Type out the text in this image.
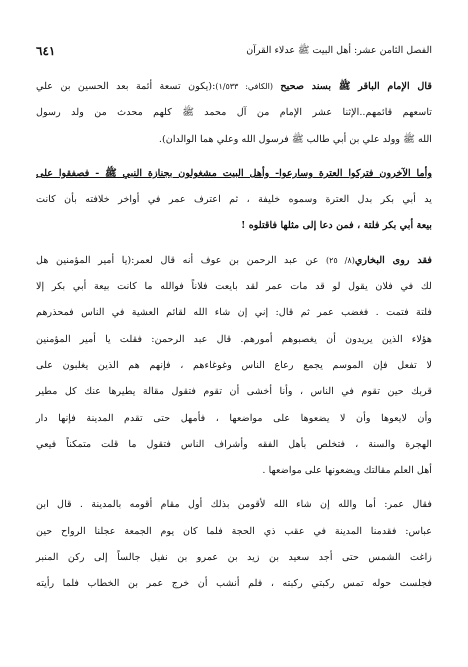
الفصل الثامن عشر: أهل البيت ﷺ عدلاء القرآن
٦٤١

قال الإمام الباقر ﷺ بسند صحيح (الكافي: ١/٥٣٣):(يكون تسعة أئمة بعد الحسين بن علي

تاسعهم قائمهم..الإثنا عشر الإمام من آل محمد ﷺ كلهم محدث من ولد رسول

الله ﷺ وولد علي بن أبي طالب ﷺ فرسول الله وعلي هما الوالدان).

وأما الآخرون فتركوا العترة وسارعوا- وأهل البيت مشغولون بجنازة النبي ﷺ - فصفقوا على

يد أبي بكر بدل العترة وسموه خليفة ، ثم اعترف عمر في أواخر خلافته بأن كانت

بيعة أبي بكر فلتة ، فمن دعا إلى مثلها فاقتلوه !

فقد روى البخاري(٨/ ٢٥) عن عبد الرحمن بن عوف أنه قال لعمر:(يا أمير المؤمنين هل

لك في فلان يقول لو قد مات عمر لقد بايعت فلاناً فوالله ما كانت بيعة أبي بكر إلا

فلتة فتمت . فغضب عمر ثم قال: إني إن شاء الله لقائم العشية في الناس فمحذرهم

هؤلاء الذين يريدون أن يغصبوهم أمورهم. قال عبد الرحمن: فقلت يا أمير المؤمنين

لا تفعل فإن الموسم يجمع رعاع الناس وغوغاءهم ، فإنهم هم الذين يغلبون على

قربك حين تقوم في الناس ، وأنا أخشى أن تقوم فتقول مقالة يطيرها عنك كل مطير

وأن لايعوها وأن لا يضعوها على مواضعها ، فأمهل حتى تقدم المدينة فإنها دار

الهجرة والسنة ، فتخلص بأهل الفقه وأشراف الناس فتقول ما قلت متمكناً فيعي

أهل العلم مقالتك ويضعونها على مواضعها .

فقال عمر: أما والله إن شاء الله لأقومن بذلك أول مقام أقومه بالمدينة . قال ابن

عباس: فقدمنا المدينة في عقب ذي الحجة فلما كان يوم الجمعة عجلنا الرواح حين

زاغت الشمس حتى أجد سعيد بن زيد بن عمرو بن نفيل جالساً إلى ركن المنبر

فجلست حوله تمس ركبتي ركبته ، فلم أنشب أن خرج عمر بن الخطاب فلما رأيته
